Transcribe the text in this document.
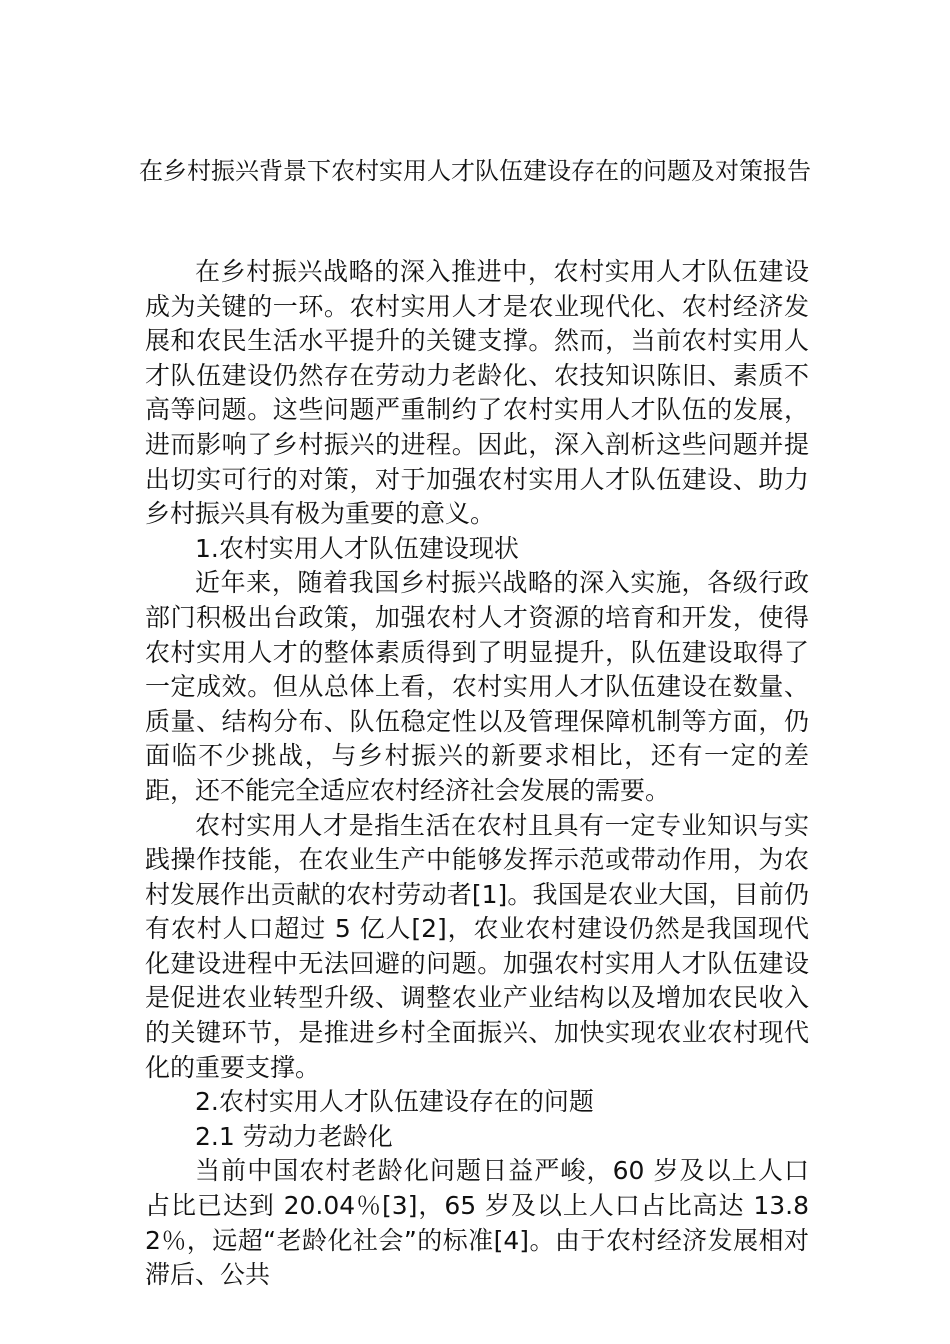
在乡村振兴背景下农村实用人才队伍建设存在的问题及对策报告

在乡村振兴战略的深入推进中，农村实用人才队伍建设成为关键的一环。农村实用人才是农业现代化、农村经济发展和农民生活水平提升的关键支撑。然而，当前农村实用人才队伍建设仍然存在劳动力老龄化、农技知识陈旧、素质不高等问题。这些问题严重制约了农村实用人才队伍的发展，进而影响了乡村振兴的进程。因此，深入剖析这些问题并提出切实可行的对策，对于加强农村实用人才队伍建设、助力乡村振兴具有极为重要的意义。

1.农村实用人才队伍建设现状

近年来，随着我国乡村振兴战略的深入实施，各级行政部门积极出台政策，加强农村人才资源的培育和开发，使得农村实用人才的整体素质得到了明显提升，队伍建设取得了一定成效。但从总体上看，农村实用人才队伍建设在数量、质量、结构分布、队伍稳定性以及管理保障机制等方面，仍面临不少挑战，与乡村振兴的新要求相比，还有一定的差距，还不能完全适应农村经济社会发展的需要。

农村实用人才是指生活在农村且具有一定专业知识与实践操作技能，在农业生产中能够发挥示范或带动作用，为农村发展作出贡献的农村劳动者[1]。我国是农业大国，目前仍有农村人口超过 5 亿人[2]，农业农村建设仍然是我国现代化建设进程中无法回避的问题。加强农村实用人才队伍建设是促进农业转型升级、调整农业产业结构以及增加农民收入的关键环节，是推进乡村全面振兴、加快实现农业农村现代化的重要支撑。

2.农村实用人才队伍建设存在的问题

2.1 劳动力老龄化

当前中国农村老龄化问题日益严峻，60 岁及以上人口占比已达到 20.04％[3]，65 岁及以上人口占比高达 13.82％，远超“老龄化社会”的标准[4]。由于农村经济发展相对滞后、公共
